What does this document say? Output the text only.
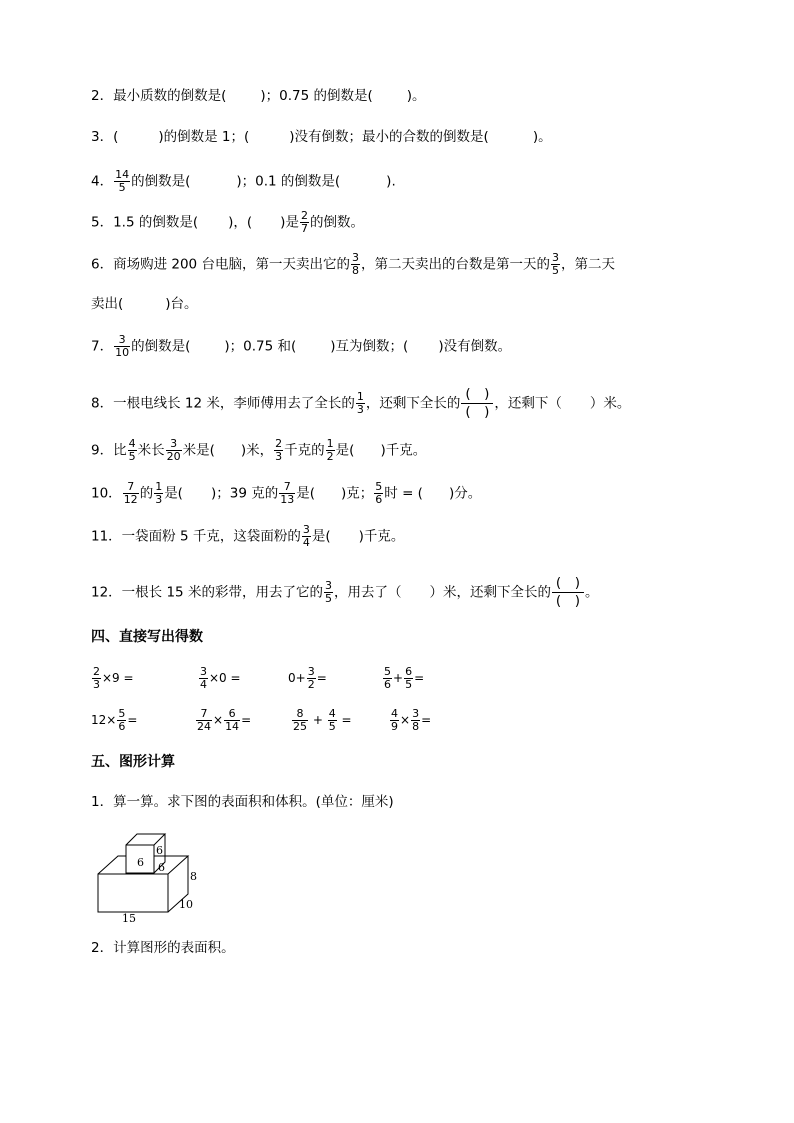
2．最小质数的倒数是(	)；0.75 的倒数是(	)。
3．(	)的倒数是 1；(	)没有倒数；最小的合数的倒数是(	)。
4． $\frac{14}{5}$ 的倒数是(	)；0.1 的倒数是(	).
5．1.5 的倒数是( )，( )是 $\frac{2}{7}$ 的倒数。
6．商场购进 200 台电脑，第一天卖出它的 $\frac{3}{8}$ ，第二天卖出的台数是第一天的 $\frac{3}{5}$ ，第二天
卖出(	)台。
7． $\frac{3}{10}$ 的倒数是(	)；0.75 和(	)互为倒数；( )没有倒数。
8．一根电线长 12 米，李师傅用去了全长的 $\frac{1}{3}$ ，还剩下全长的
(　)
(　)
，还剩下（ ）米。
9．比 $\frac{4}{5}$ 米长 $\frac{3}{20}$ 米是( )米， $\frac{2}{3}$ 千克的 $\frac{1}{2}$ 是( )千克。
10． $\frac{7}{12}$ 的 $\frac{1}{3}$ 是( )；39 克的 $\frac{7}{13}$ 是( )克； $\frac{5}{6}$ 时 = ( )分。
11．一袋面粉 5 千克，这袋面粉的 $\frac{3}{4}$ 是( )千克。
12．一根长 15 米的彩带，用去了它的 $\frac{3}{5}$ ，用去了（ ）米，还剩下全长的
(　)
(　)
。
四、直接写出得数
$\frac{2}{3} \times 9$ =	$\frac{3}{4} \times 0$ =	$0+ \frac{3}{2}$ =	$\frac{5}{6} + \frac{6}{5}$ =
$12\times \frac{5}{6}$ =	$\frac{7}{24} \times \frac{6}{14}$ =	$\frac{8}{25} + \frac{4}{5}$ =	$\frac{4}{9} \times \frac{3}{8}$ =
五、图形计算
1．算一算。求下图的表面积和体积。(单位：厘米)
6
6
6
8
10
15
2．计算图形的表面积。
